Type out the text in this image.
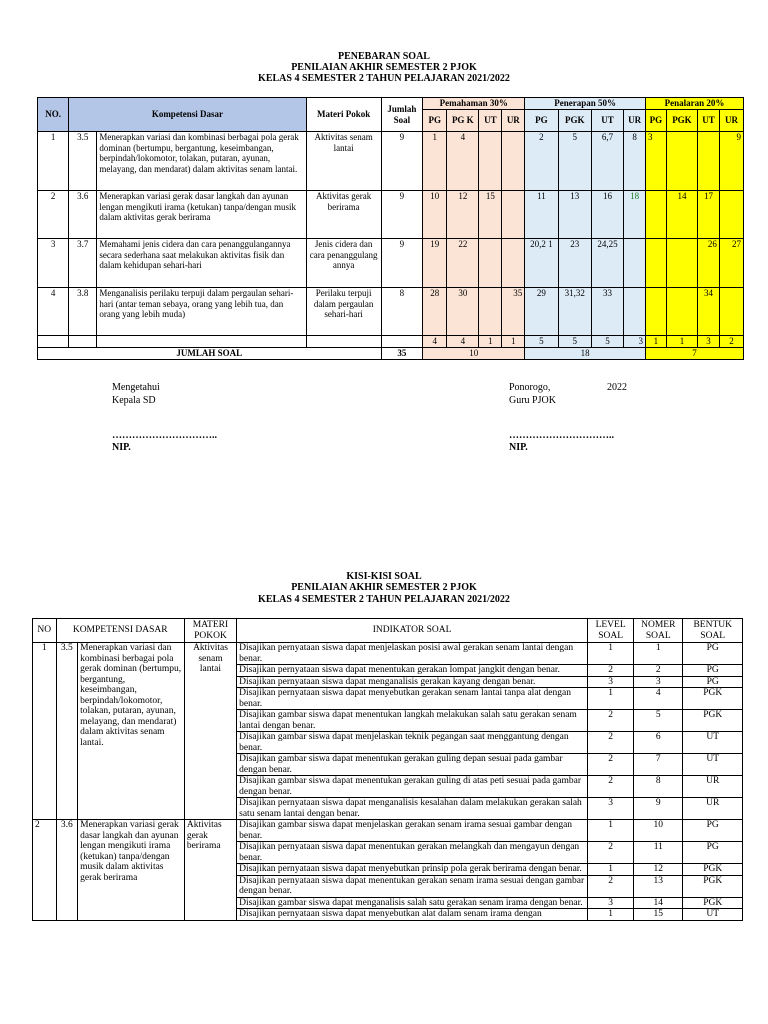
PENEBARAN SOAL
PENILAIAN AKHIR SEMESTER 2 PJOK
KELAS 4 SEMESTER 2 TAHUN PELAJARAN 2021/2022
NO.	Kompetensi Dasar		Materi Pokok	Jumlah Soal	Pemahaman 30%				Penerapan 50%				Penalaran 20%			
					PG	PG K	UT	UR	PG	PGK	UT	UR	PG	PGK	UT	UR
1	3.5	Menerapkan variasi dan kombinasi berbagai pola gerak dominan (bertumpu, bergantung, keseimbangan, berpindah/lokomotor, tolakan, putaran, ayunan, melayang, dan mendarat) dalam aktivitas senam lantai.	Aktivitas senam lantai	9	1	4			2	5	6,7	8	3			9
2	3.6	Menerapkan variasi gerak dasar langkah dan ayunan lengan mengikuti irama (ketukan) tanpa/dengan musik dalam aktivitas gerak berirama	Aktivitas gerak berirama	9	10	12	15		11	13	16	18		14	17	
3	3.7	Memahami jenis cidera dan cara penanggulangannya secara sederhana saat melakukan aktivitas fisik dan dalam kehidupan sehari-hari	Jenis cidera dan cara penanggulang annya	9	19	22			20,2 1	23	24,25				26	27
4	3.8	Menganalisis perilaku terpuji dalam pergaulan sehari-hari (antar teman sebaya, orang yang lebih tua, dan orang yang lebih muda)	Perilaku terpuji dalam pergaulan sehari-hari	8	28	30		35	29	31,32	33				34	
					4	4	1	1	5	5	5	3	1	1	3	2
JUMLAH SOAL				35	10				18				7			
Mengetahui
Kepala SD
…………………………..
NIP.
Ponorogo,	2022
Guru PJOK
…………………………..
NIP.
KISI-KISI SOAL
PENILAIAN AKHIR SEMESTER 2 PJOK
KELAS 4 SEMESTER 2 TAHUN PELAJARAN 2021/2022
NO	KOMPETENSI DASAR		MATERI POKOK	INDIKATOR SOAL	LEVEL SOAL	NOMER SOAL	BENTUK SOAL
1	3.5	Menerapkan variasi dan kombinasi berbagai pola gerak dominan (bertumpu, bergantung, keseimbangan, berpindah/lokomotor, tolakan, putaran, ayunan, melayang, dan mendarat) dalam aktivitas senam lantai.	Aktivitas senam lantai	Disajikan pernyataan siswa dapat menjelaskan posisi awal gerakan senam lantai dengan benar.	1	1	PG
				Disajikan pernyataan siswa dapat menentukan gerakan lompat jangkit dengan benar.	2	2	PG
				Disajikan pernyataan siswa dapat menganalisis gerakan kayang dengan benar.	3	3	PG
				Disajikan pernyataan siswa dapat menyebutkan gerakan senam lantai tanpa alat dengan benar.	1	4	PGK
				Disajikan gambar siswa dapat menentukan langkah melakukan salah satu gerakan senam lantai dengan benar.	2	5	PGK
				Disajikan gambar siswa dapat menjelaskan teknik pegangan saat menggantung dengan benar.	2	6	UT
				Disajikan gambar siswa dapat menentukan gerakan guling depan sesuai pada gambar dengan benar.	2	7	UT
				Disajikan gambar siswa dapat menentukan gerakan guling di atas peti sesuai pada gambar dengan benar.	2	8	UR
				Disajikan pernyataan siswa dapat menganalisis kesalahan dalam melakukan gerakan salah satu senam lantai dengan benar.	3	9	UR
2	3.6	Menerapkan variasi gerak dasar langkah dan ayunan lengan mengikuti irama (ketukan) tanpa/dengan musik dalam aktivitas gerak berirama	Aktivitas gerak berirama	Disajikan gambar siswa dapat menjelaskan gerakan senam irama sesuai gambar dengan benar.	1	10	PG
				Disajikan pernyataan siswa dapat menentukan gerakan melangkah dan mengayun dengan benar.	2	11	PG
				Disajikan pernyataan siswa dapat menyebutkan prinsip pola gerak berirama dengan benar.	1	12	PGK
				Disajikan pernyataan siswa dapat menentukan gerakan senam irama sesuai dengan gambar dengan benar.	2	13	PGK
				Disajikan gambar siswa dapat menganalisis salah satu gerakan senam irama dengan benar.	3	14	PGK
				Disajikan pernyataan siswa dapat menyebutkan alat dalam senam irama dengan	1	15	UT
